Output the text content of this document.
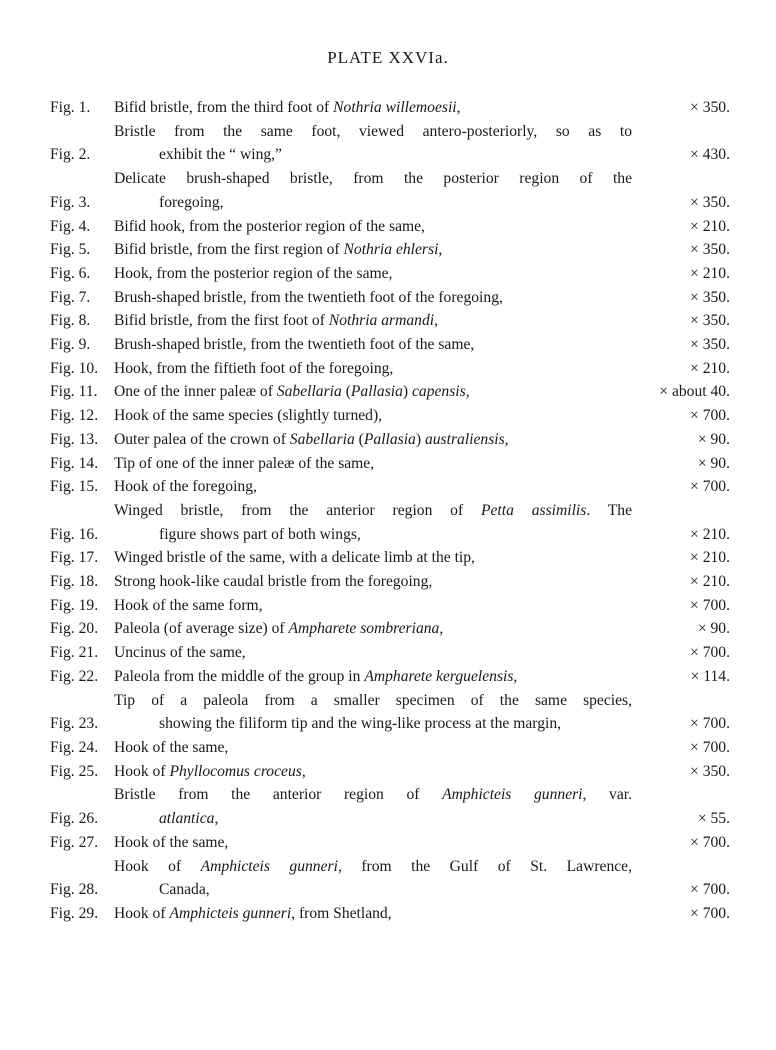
PLATE XXVIa.
Fig. 1.	Bifid bristle, from the third foot of Nothria willemoesii,	× 350.
Fig. 2.
Bristle from the same foot, viewed antero-posteriorly, so as to
exhibit the “ wing,”	× 430.
Fig. 3.
Delicate brush-shaped bristle, from the posterior region of the
foregoing,	× 350.
Fig. 4.	Bifid hook, from the posterior region of the same,	× 210.
Fig. 5.	Bifid bristle, from the first region of Nothria ehlersi,	× 350.
Fig. 6.	Hook, from the posterior region of the same,	× 210.
Fig. 7.	Brush-shaped bristle, from the twentieth foot of the foregoing,	× 350.
Fig. 8.	Bifid bristle, from the first foot of Nothria armandi,	× 350.
Fig. 9.	Brush-shaped bristle, from the twentieth foot of the same,	× 350.
Fig. 10.	Hook, from the fiftieth foot of the foregoing,	× 210.
Fig. 11.	One of the inner paleæ of Sabellaria (Pallasia) capensis,	× about 40.
Fig. 12.	Hook of the same species (slightly turned),	× 700.
Fig. 13.	Outer palea of the crown of Sabellaria (Pallasia) australiensis,	× 90.
Fig. 14.	Tip of one of the inner paleæ of the same,	× 90.
Fig. 15.	Hook of the foregoing,	× 700.
Fig. 16.
Winged bristle, from the anterior region of Petta assimilis. The
figure shows part of both wings,	× 210.
Fig. 17.	Winged bristle of the same, with a delicate limb at the tip,	× 210.
Fig. 18.	Strong hook-like caudal bristle from the foregoing,	× 210.
Fig. 19.	Hook of the same form,	× 700.
Fig. 20.	Paleola (of average size) of Ampharete sombreriana,	× 90.
Fig. 21.	Uncinus of the same,	× 700.
Fig. 22.	Paleola from the middle of the group in Ampharete kerguelensis,	× 114.
Fig. 23.
Tip of a paleola from a smaller specimen of the same species,
showing the filiform tip and the wing-like process at the margin,	× 700.
Fig. 24.	Hook of the same,	× 700.
Fig. 25.	Hook of Phyllocomus croceus,	× 350.
Fig. 26.
Bristle from the anterior region of Amphicteis gunneri, var.
atlantica,	× 55.
Fig. 27.	Hook of the same,	× 700.
Fig. 28.
Hook of Amphicteis gunneri, from the Gulf of St. Lawrence,
Canada,	× 700.
Fig. 29.	Hook of Amphicteis gunneri, from Shetland,	× 700.
